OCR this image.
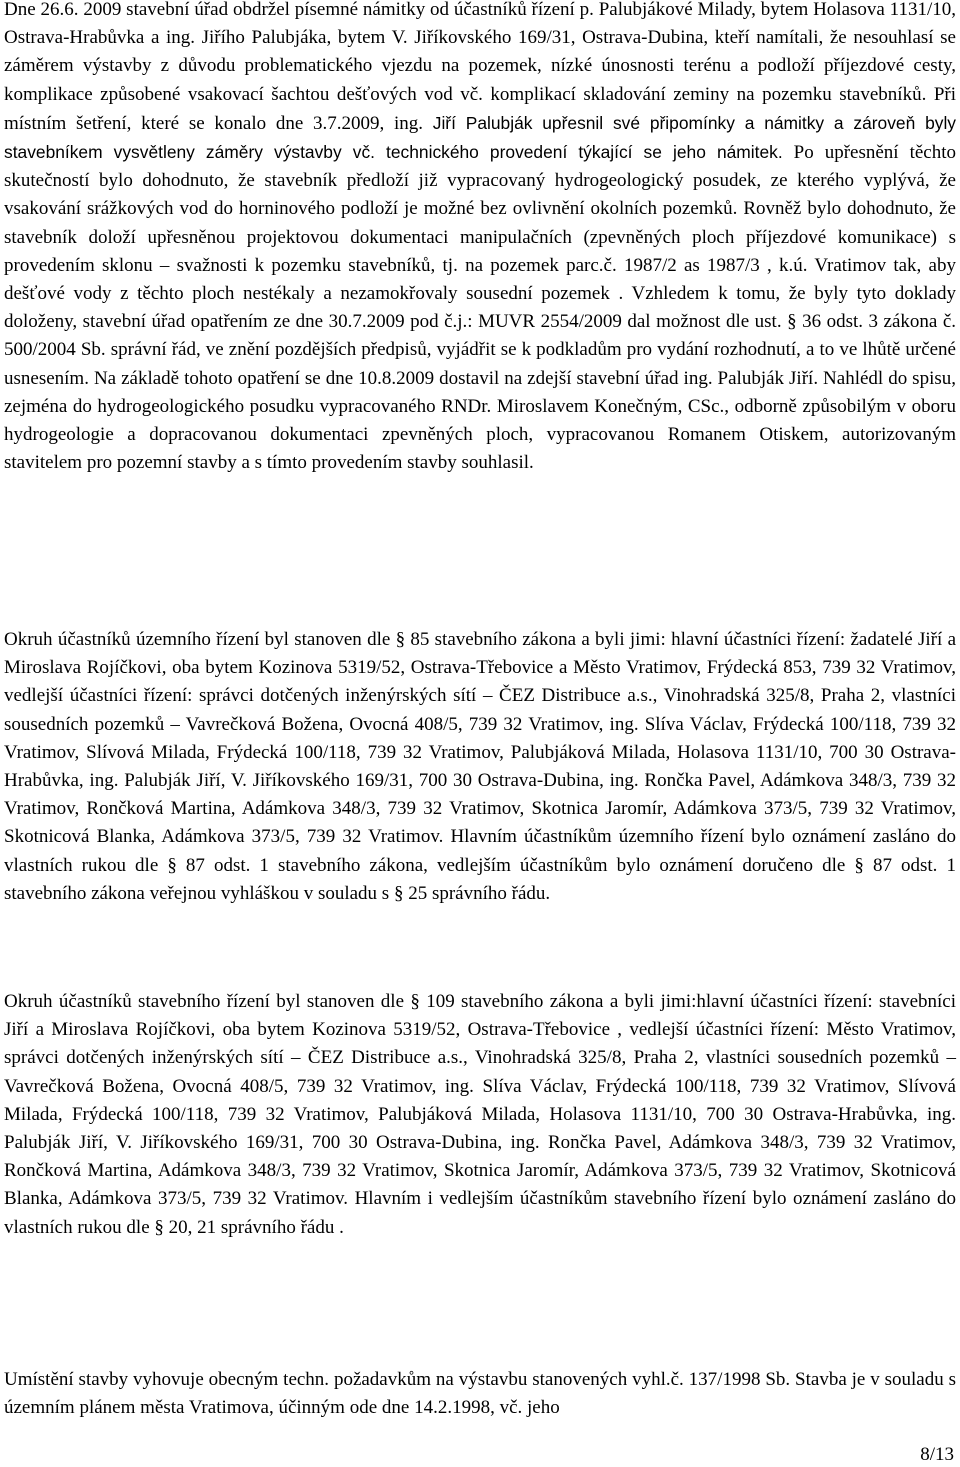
Dne 26.6. 2009 stavební úřad obdržel písemné námitky od účastníků řízení p. Palubjákové Milady, bytem Holasova 1131/10, Ostrava-Hrabůvka a ing. Jiřího Palubjáka, bytem V. Jiříkovského 169/31, Ostrava-Dubina, kteří namítali, že nesouhlasí se záměrem výstavby z důvodu problematického vjezdu na pozemek, nízké únosnosti terénu a podloží příjezdové cesty, komplikace způsobené vsakovací šachtou dešťových vod vč. komplikací skladování zeminy na pozemku stavebníků. Při místním šetření, které se konalo dne 3.7.2009, ing. Jiří Palubják upřesnil své připomínky a námitky a zároveň byly stavebníkem vysvětleny záměry výstavby vč. technického provedení týkající se jeho námitek. Po upřesnění těchto skutečností bylo dohodnuto, že stavebník předloží již vypracovaný hydrogeologický posudek, ze kterého vyplývá, že vsakování srážkových vod do horninového podloží je možné bez ovlivnění okolních pozemků. Rovněž bylo dohodnuto, že stavebník doloží upřesněnou projektovou dokumentaci manipulačních (zpevněných ploch příjezdové komunikace) s provedením sklonu – svažnosti k pozemku stavebníků, tj. na pozemek parc.č. 1987/2 as 1987/3 , k.ú. Vratimov tak, aby dešťové vody z těchto ploch nestékaly a nezamokřovaly sousední pozemek . Vzhledem k tomu, že byly tyto doklady doloženy, stavební úřad opatřením ze dne 30.7.2009 pod č.j.: MUVR 2554/2009 dal možnost dle ust. § 36 odst. 3 zákona č. 500/2004 Sb. správní řád, ve znění pozdějších předpisů, vyjádřit se k podkladům pro vydání rozhodnutí, a to ve lhůtě určené usnesením. Na základě tohoto opatření se dne 10.8.2009 dostavil na zdejší stavební úřad ing. Palubják Jiří. Nahlédl do spisu, zejména do hydrogeologického posudku vypracovaného RNDr. Miroslavem Konečným, CSc., odborně způsobilým v oboru hydrogeologie a dopracovanou dokumentaci zpevněných ploch, vypracovanou Romanem Otiskem, autorizovaným stavitelem pro pozemní stavby a s tímto provedením stavby souhlasil.

Okruh účastníků územního řízení byl stanoven dle § 85 stavebního zákona a byli jimi: hlavní účastníci řízení: žadatelé Jiří a Miroslava Rojíčkovi, oba bytem Kozinova 5319/52, Ostrava-Třebovice a Město Vratimov, Frýdecká 853, 739 32 Vratimov, vedlejší účastníci řízení: správci dotčených inženýrských sítí – ČEZ Distribuce a.s., Vinohradská 325/8, Praha 2, vlastníci sousedních pozemků – Vavrečková Božena, Ovocná 408/5, 739 32 Vratimov, ing. Slíva Václav, Frýdecká 100/118, 739 32 Vratimov, Slívová Milada, Frýdecká 100/118, 739 32 Vratimov, Palubjáková Milada, Holasova 1131/10, 700 30 Ostrava-Hrabůvka, ing. Palubják Jiří, V. Jiříkovského 169/31, 700 30 Ostrava-Dubina, ing. Rončka Pavel, Adámkova 348/3, 739 32 Vratimov, Rončková Martina, Adámkova 348/3, 739 32 Vratimov, Skotnica Jaromír, Adámkova 373/5, 739 32 Vratimov, Skotnicová Blanka, Adámkova 373/5, 739 32 Vratimov. Hlavním účastníkům územního řízení bylo oznámení zasláno do vlastních rukou dle § 87 odst. 1 stavebního zákona, vedlejším účastníkům bylo oznámení doručeno dle § 87 odst. 1 stavebního zákona veřejnou vyhláškou v souladu s § 25 správního řádu.

Okruh účastníků stavebního řízení byl stanoven dle § 109 stavebního zákona a byli jimi:hlavní účastníci řízení: stavebníci Jiří a Miroslava Rojíčkovi, oba bytem Kozinova 5319/52, Ostrava-Třebovice , vedlejší účastníci řízení: Město Vratimov, správci dotčených inženýrských sítí – ČEZ Distribuce a.s., Vinohradská 325/8, Praha 2, vlastníci sousedních pozemků – Vavrečková Božena, Ovocná 408/5, 739 32 Vratimov, ing. Slíva Václav, Frýdecká 100/118, 739 32 Vratimov, Slívová Milada, Frýdecká 100/118, 739 32 Vratimov, Palubjáková Milada, Holasova 1131/10, 700 30 Ostrava-Hrabůvka, ing. Palubják Jiří, V. Jiříkovského 169/31, 700 30 Ostrava-Dubina, ing. Rončka Pavel, Adámkova 348/3, 739 32 Vratimov, Rončková Martina, Adámkova 348/3, 739 32 Vratimov, Skotnica Jaromír, Adámkova 373/5, 739 32 Vratimov, Skotnicová Blanka, Adámkova 373/5, 739 32 Vratimov. Hlavním i vedlejším účastníkům stavebního řízení bylo oznámení zasláno do vlastních rukou dle § 20, 21 správního řádu .

Umístění stavby vyhovuje obecným techn. požadavkům na výstavbu stanovených vyhl.č. 137/1998 Sb. Stavba je v souladu s územním plánem města Vratimova, účinným ode dne 14.2.1998, vč. jeho

8/13
